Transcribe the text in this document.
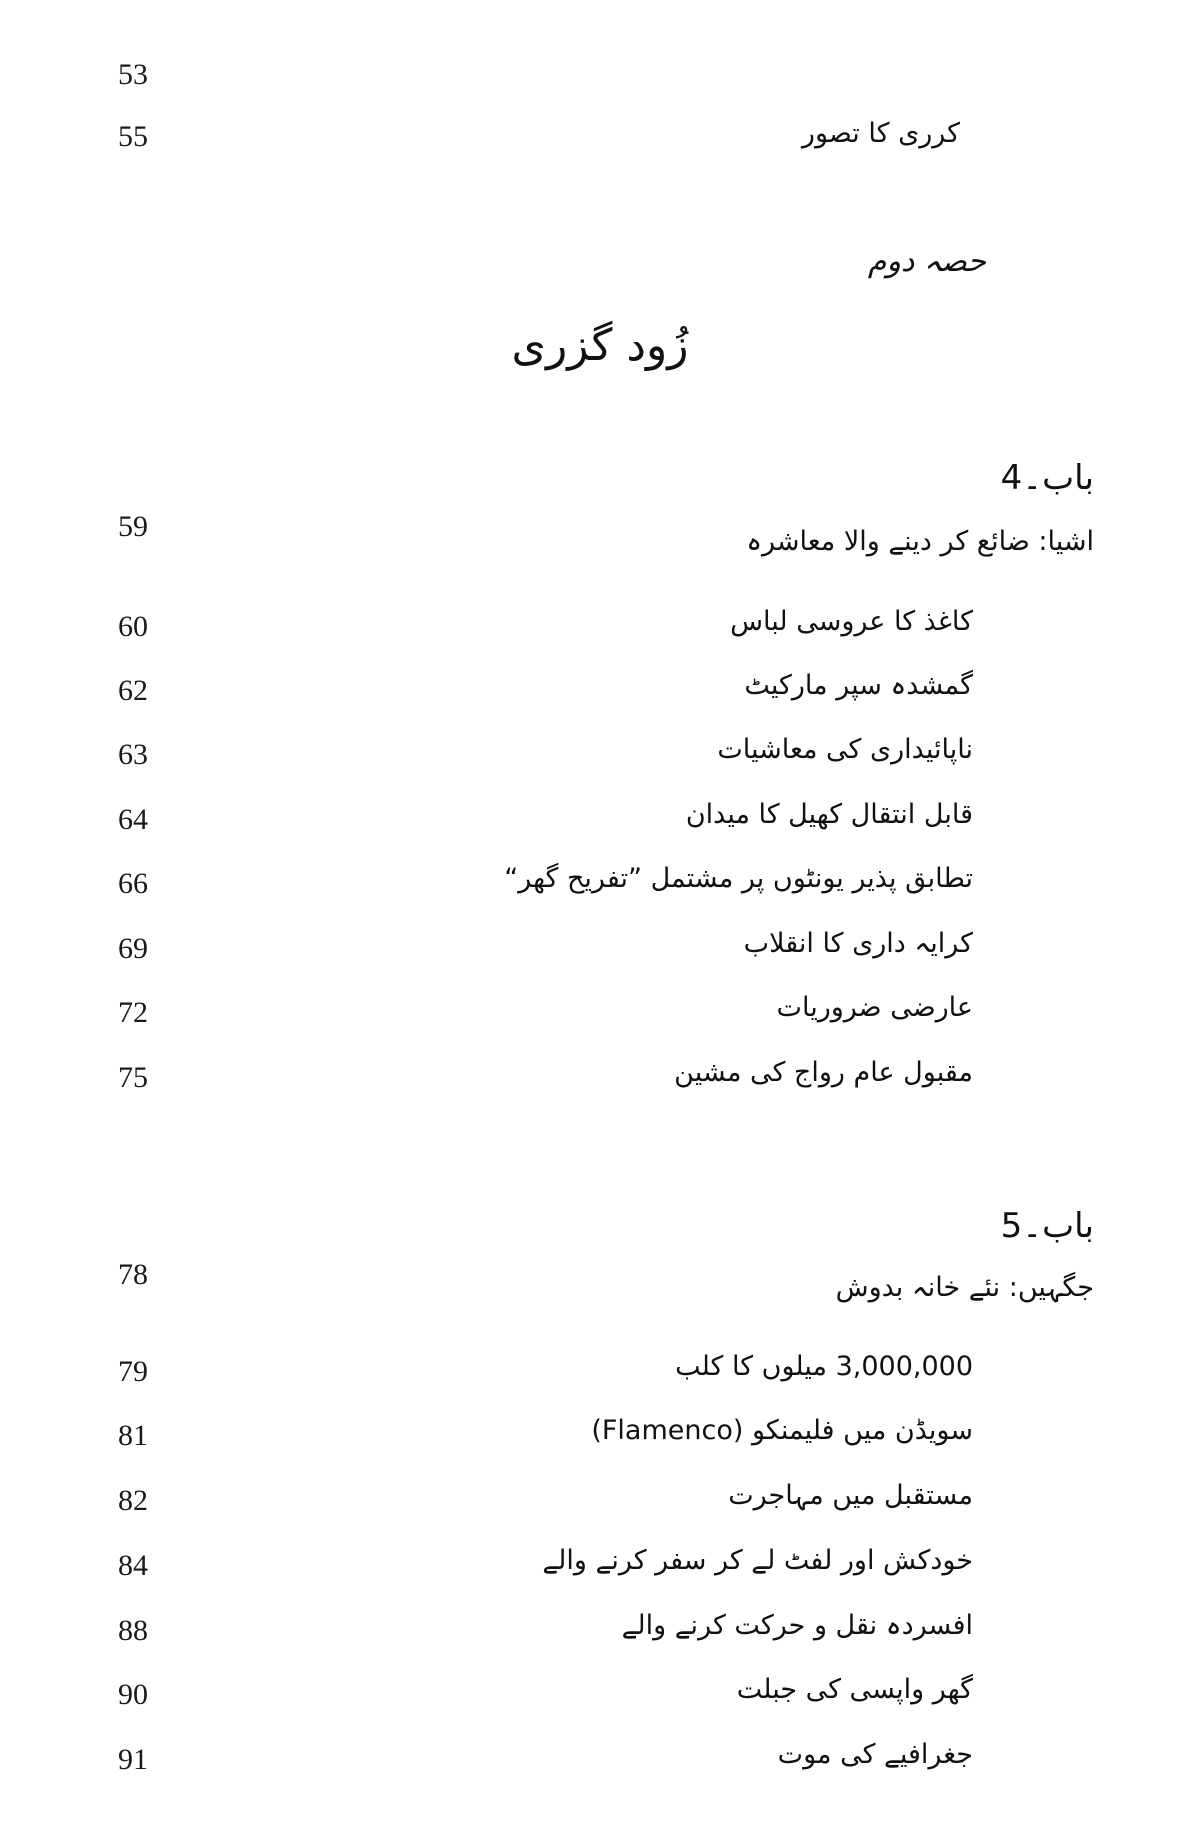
53
55	کرری کا تصور
حصہ دوم
زُود گزری
باب۔4
59	اشیا: ضائع کر دینے والا معاشرہ
60	کاغذ کا عروسی لباس
62	گمشدہ سپر مارکیٹ
63	ناپائیداری کی معاشیات
64	قابل انتقال کھیل کا میدان
66	تطابق پذیر یونٹوں پر مشتمل ”تفریح گھر“
69	کرایہ داری کا انقلاب
72	عارضی ضروریات
75	مقبول عام رواج کی مشین
باب۔5
78	جگہیں: نئے خانہ بدوش
79	3,000,000 میلوں کا کلب
81	سویڈن میں فلیمنکو (Flamenco)
82	مستقبل میں مہاجرت
84	خودکش اور لفٹ لے کر سفر کرنے والے
88	افسردہ نقل و حرکت کرنے والے
90	گھر واپسی کی جبلت
91	جغرافیے کی موت
